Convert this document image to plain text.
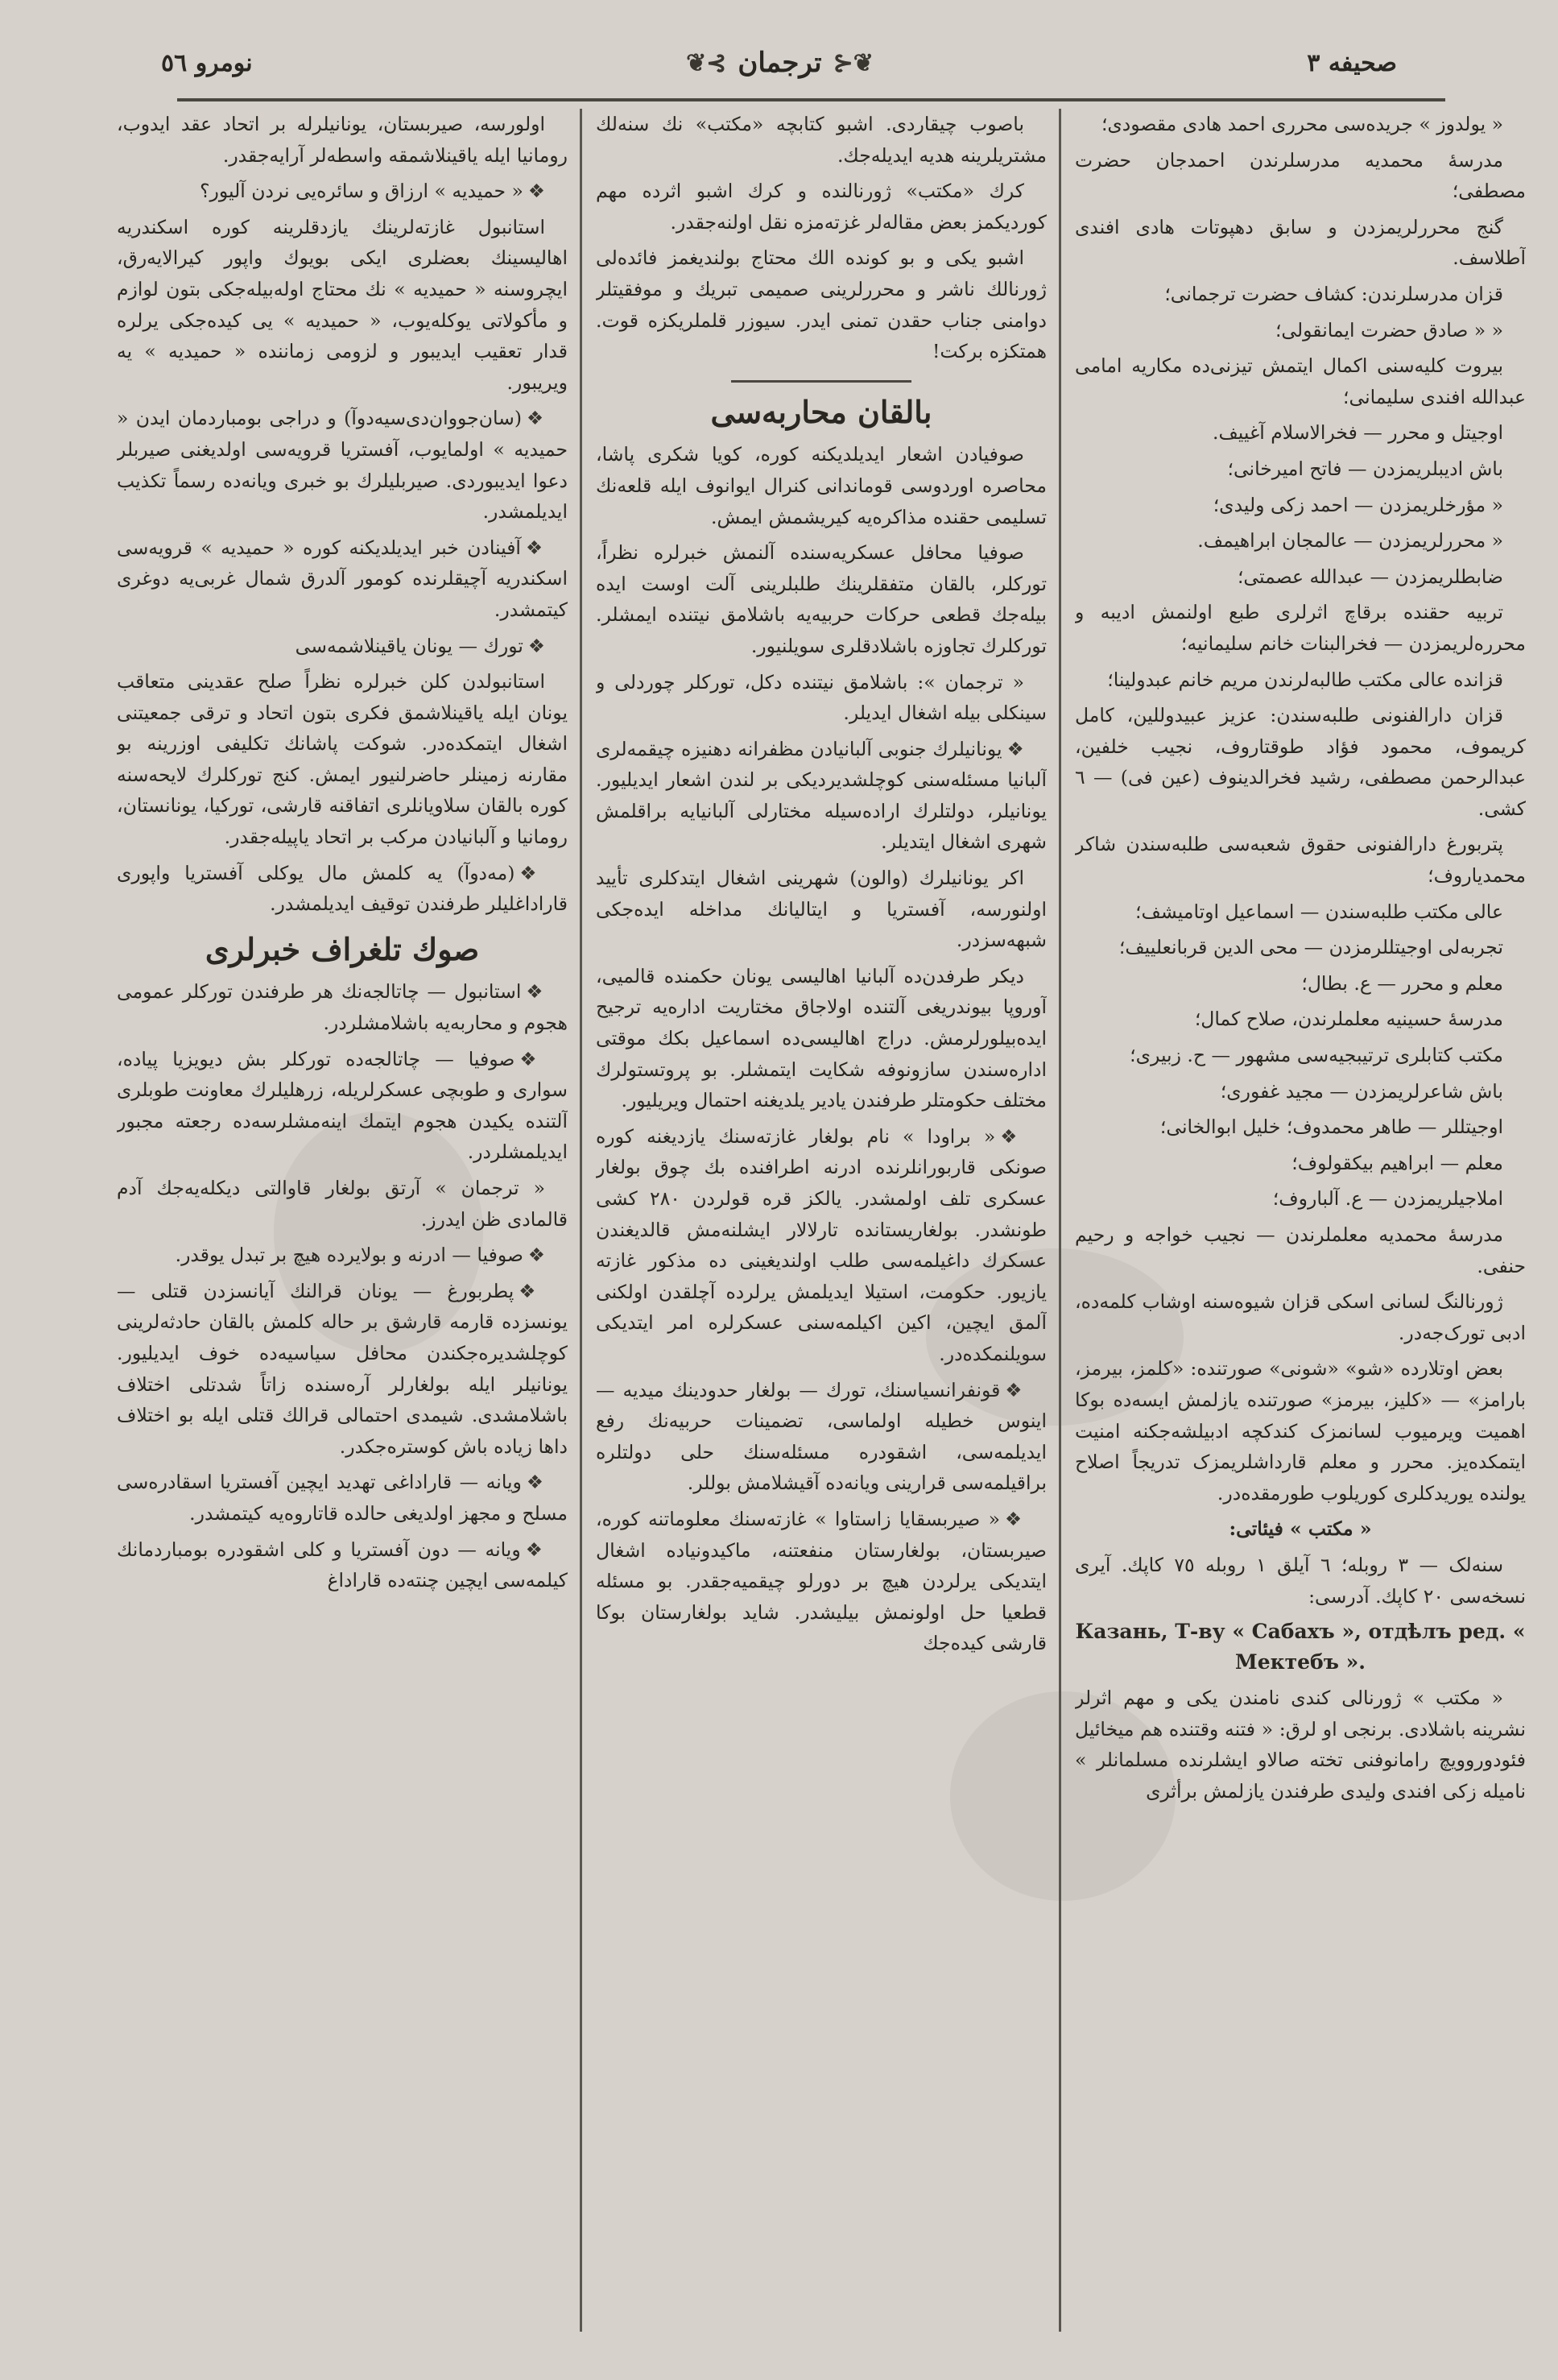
صحیفه ۳
❦⊰
ترجمان
⊱❦
نومرو ٥٦

« یولدوز » جریده‌سی محرری احمد هادی مقصودی؛

مدرسهٔ محمدیه مدرسلرندن احمدجان حضرت مصطفی؛

گنج محررلریمزدن و سابق دهپوتات هادی افندی آطلاسف.

قزان مدرسلرندن: کشاف حضرت ترجمانی؛

« « صادق حضرت ایمانقولی؛

بیروت کلیه‌سنی اکمال ایتمش تیزنی‌ده مکاریه امامی عبدالله افندی سلیمانی؛

اوجیتل و محرر — فخرالاسلام آغییف.

باش ادیبلریمزدن — فاتح امیرخانی؛

« مؤرخلریمزدن — احمد زکی ولیدی؛

« محررلریمزدن — عالمجان ابراهیمف.

ضابطلریمزدن — عبدالله عصمتی؛

تربیه حقنده برقاچ اثرلری طبع اولنمش ادیبه و محرره‌لریمزدن — فخرالبنات خانم سلیمانیه؛

قزانده عالی مکتب طالبه‌لرندن مریم خانم عبدولینا؛

قزان دارالفنونی طلبه‌سندن: عزیز عبیدوللین، کامل کریموف، محمود فؤاد طوقتاروف، نجیب خلفین، عبدالرحمن مصطفی، رشید فخرالدینوف (عین فی) — ٦ کشی.

پتربورغ دارالفنونی حقوق شعبه‌سی طلبه‌سندن شاکر محمدیاروف؛

عالی مکتب طلبه‌سندن — اسماعیل اوتامیشف؛

تجربه‌لی اوجیتللرمزدن — محی الدین قربانعلییف؛

معلم و محرر — ع. بطال؛

مدرسهٔ حسینیه معلملرندن، صلاح کمال؛

مکتب کتابلری ترتیبجیه‌سی مشهور — ح. زبیری؛

باش شاعرلریمزدن — مجید غفوری؛

اوجیتللر — طاهر محمدوف؛ خلیل ابوالخانی؛

معلم — ابراهیم بیکقولوف؛

املاجیلریمزدن — ع. آلباروف؛

مدرسهٔ محمدیه معلملرندن — نجیب خواجه و رحیم حنفی.

ژورنالنگ لسانی اسکی قزان شیوه‌سنه اوشاب کلمه‌ده، ادبی تورک‌جه‌در.

بعض اوتلارده «شو» «شونی» صورتنده: «کلمز، بیرمز، بارامز» — «کلیز، بیرمز» صورتنده یازلمش ایسه‌ده بوکا اهمیت ویرمیوب لسانمزک کندکچه ادبیلشه‌جکنه امنیت ایتمکده‌یز. محرر و معلم قارداشلریمزک تدریجاً اصلاح یولنده یوریدکلری کوریلوب طورمقده‌در.

« مکتب » فیئاتی:

سنه‌لک — ۳ روبله؛ ٦ آیلق ۱ روبله ۷٥ کاپك. آیری نسخه‌سی ۲۰ کاپك. آدرسی:

Казань, Т-ву « Сабахъ », отдѣлъ ред. « Мектебъ ».

« مکتب » ژورنالی کندی نامندن یکی و مهم اثرلر نشرینه باشلادی. برنجی او لرق: « فتنه وقتنده هم میخائیل فئودوروویچ رامانوفنی تخته صالاو ایشلرنده مسلمانلر » نامیله زکی افندی ولیدی طرفندن یازلمش برأثری

باصوب چیقاردی. اشبو کتابچه «مکتب» نك سنه‌لك مشتریلرینه هدیه ایدیله‌جك.

کرك «مکتب» ژورنالنده و کرك اشبو اثرده مهم کوردیکمز بعض مقاله‌لر غزته‌مزه نقل اولنه‌جقدر.

اشبو یکی و بو کونده الك محتاج بولندیغمز فائده‌لی ژورنالك ناشر و محررلرینی صمیمی تبریك و موفقیتلر دوامنی جناب حقدن تمنی ایدر. سیوزر قلملریکزه قوت. همتکزه برکت!

بالقان محاربه‌سی

صوفیادن اشعار ایدیلدیکنه کوره، کویا شکری پاشا، محاصره اوردوسی قوماندانی کنرال ایوانوف ایله قلعه‌نك تسلیمی حقنده مذاکره‌یه کیریشمش ایمش.

صوفیا محافل عسکریه‌سنده آلنمش خبرلره نظراً، تورکلر، بالقان متفقلرینك طلبلرینی آلت اوست ایده بیله‌جك قطعی حرکات حربیه‌یه باشلامق نیتنده ایمشلر. تورکلرك تجاوزه باشلادقلری سویلنیور.

« ترجمان »: باشلامق نیتنده دکل، تورکلر چوردلی و سینکلی بیله اشغال ایدیلر.

❖یونانیلرك جنوبی آلبانیادن مظفرانه دهنیزه چیقمه‌لری آلبانیا مسئله‌سنی کوچلشدیردیکی بر لندن اشعار ایدیلیور. یونانیلر، دولتلرك اراده‌سیله مختارلی آلبانیایه براقلمش شهری اشغال ایتدیلر.

اکر یونانیلرك (والون) شهرینی اشغال ایتدکلری تأیید اولنورسه، آفستریا و ایتالیانك مداخله ایده‌جکی شبهه‌سزدر.

دیکر طرفدن‌ده آلبانیا اهالیسی یونان حکمنده قالمیی، آوروپا بیوندریغی آلتنده اولاجاق مختاریت اداره‌یه ترجیح ایده‌بیلورلرمش. دراج اهالیسی‌ده اسماعیل بکك موقتی اداره‌سندن سازونوفه شکایت ایتمشلر. بو پروتستولرك مختلف حکومتلر طرفندن یادیر یلدیغنه احتمال ویریلیور.

❖« براودا » نام بولغار غازته‌سنك یازدیغنه کوره صونکی قاربورانلرنده ادرنه اطرافنده بك چوق بولغار عسکری تلف اولمشدر. یالکز قره قولردن ۲۸۰ کشی طونشدر. بولغاریستانده تارلالار ایشلنه‌مش قالدیغندن عسکرك داغیلمه‌سی طلب اولندیغینی ده مذکور غازته یازیور. حکومت، استیلا ایدیلمش یرلرده آچلقدن اولکنی آلمق ایچین، اکین اکیلمه‌سنی عسکرلره امر ایتدیکی سویلنمکده‌در.

❖قونفرانسیاسنك، تورك — بولغار حدودینك میدیه — اینوس خطیله اولماسی، تضمینات حربیه‌نك رفع ایدیلمه‌سی، اشقودره مسئله‌سنك حلی دولتلره براقیلمه‌سی قرارینی ویانه‌ده آقیشلامش بوللر.

❖« صیربسقایا زاستاوا » غازته‌سنك معلوماتنه کوره، صیربستان، بولغارستان منفعتنه، ماکیدونیاده اشغال ایتدیکی یرلردن هیچ بر دورلو چیقمیه‌جقدر. بو مسئله قطعیا حل اولونمش بیلیشدر. شاید بولغارستان بوکا قارشی کیده‌جك

اولورسه، صیربستان، یونانیلرله بر اتحاد عقد ایدوب، رومانیا ایله یاقینلاشمقه واسطه‌لر آرایه‌جقدر.

❖« حمیدیه » ارزاق و سائره‌یی نردن آلیور؟

استانبول غازته‌لرینك یازدقلرینه کوره اسکندریه اهالیسینك بعضلری ایکی بویوك واپور کیرالایه‌رق، ایچرو‌سنه « حمیدیه » نك محتاج اوله‌بیله‌جکی بتون لوازم و مأکولاتی یوکله‌یوب، « حمیدیه » یی کیده‌جکی یرلره قدار تعقیب ایدیبور و لزومی زماننده « حمیدیه » یه ویریبور.

❖(سان‌جووان‌دی‌سیه‌دوآ) و دراجی بومباردمان ایدن « حمیدیه » اولمایوب، آفستریا قرویه‌سی اولدیغنی صیربلر دعوا ایدیبوردی. صیربلیلرك بو خبری ویانه‌ده رسماً تکذیب ایدیلمشدر.

❖آفینادن خبر ایدیلدیکنه کوره « حمیدیه » قرویه‌سی اسکندریه آچیقلرنده کومور آلدرق شمال غربی‌یه دوغری کیتمشدر.

❖تورك — یونان یاقینلاشمه‌سی

استانبولدن کلن خبرلره نظراً صلح عقدینی متعاقب یونان ایله یاقینلاشمق فکری بتون اتحاد و ترقی جمعیتنی اشغال ایتمکده‌در. شوکت پاشانك تکلیفی اوزرینه بو مقارنه زمینلر حاضرلنیور ایمش. کنج تورکلرك لایحه‌سنه کوره بالقان سلاویانلری اتفاقنه قارشی، تورکیا، یونانستان، رومانیا و آلبانیادن مرکب بر اتحاد یاپیله‌جقدر.

❖(مه‌دوآ) یه کلمش مال یوکلی آفستریا واپوری قاراداغلیلر طرفندن توقیف ایدیلمشدر.

صوك تلغراف خبرلری

❖استانبول — چاتالجه‌نك هر طرفندن تورکلر عمومی هجوم و محاربه‌یه باشلامشلردر.

❖صوفیا — چاتالجه‌ده تورکلر بش دیویزیا پیاده، سواری و طوبچی عسکرلریله، زرهلیلرك معاونت طوبلری آلتنده یکیدن هجوم ایتمك اینه‌مشلرسه‌ده رجعته مجبور ایدیلمشلردر.

« ترجمان » آرتق بولغار قاوالتی دیکله‌یه‌جك آدم قالمادی ظن ایدرز.

❖صوفیا — ادرنه و بولایرده هیچ بر تبدل یوقدر.

❖پطربورغ — یونان قرالنك آیانسزدن قتلی — یونسزده قارمه قارشق بر حاله کلمش بالقان حادثه‌لرینی کوچلشدیره‌جکندن محافل سیاسیه‌ده خوف ایدیلیور. یونانیلر ایله بولغارلر آره‌سنده زاتاً شدتلی اختلاف باشلامشدی. شیمدی احتمالی قرالك قتلی ایله بو اختلاف داها زیاده باش کوستره‌جکدر.

❖ویانه — قاراداغی تهدید ایچین آفستریا اسقادره‌سی مسلح و مجهز اولدیغی حالده قاتاروه‌یه کیتمشدر.

❖ویانه — دون آفستریا و کلی اشقودره بومباردمانك کیلمه‌سی ایچین چنته‌ده قاراداغ
